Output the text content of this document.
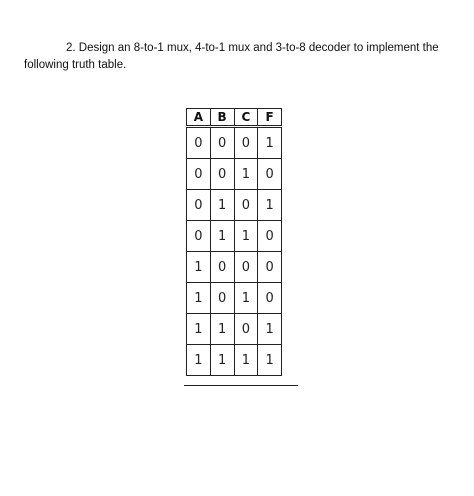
2. Design an 8-to-1 mux, 4-to-1 mux and 3-to-8 decoder to implement the following truth table.

A	B	C	F
0	0	0	1
0	0	1	0
0	1	0	1
0	1	1	0
1	0	0	0
1	0	1	0
1	1	0	1
1	1	1	1
